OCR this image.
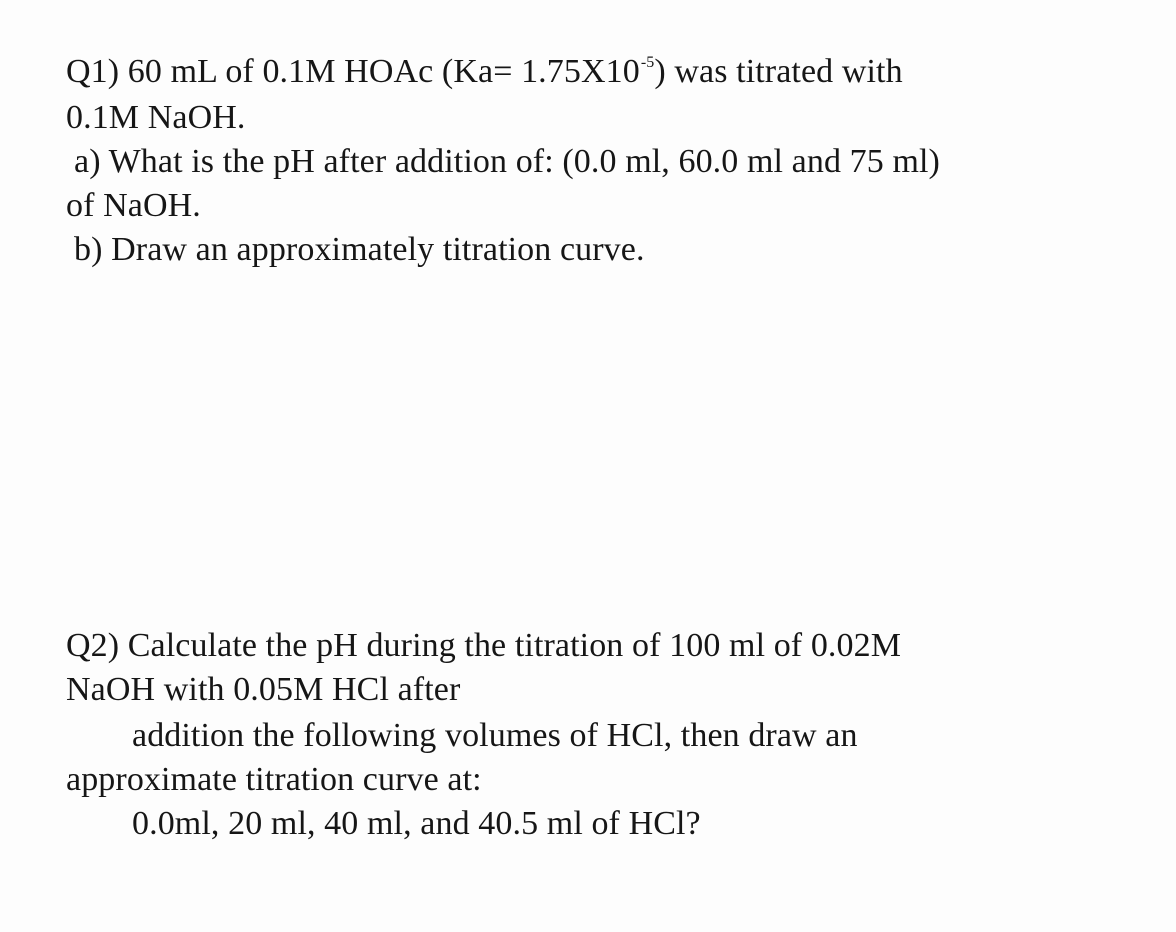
Q1) 60 mL of 0.1M HOAc $(Ka= 1.75X10^{-5})$ was titrated with
0.1M NaOH.
a) What is the pH after addition of: (0.0 ml, 60.0 ml and 75 ml)
of NaOH.
b) Draw an approximately titration curve.
Q2) Calculate the pH during the titration of 100 ml of 0.02M
NaOH with 0.05M HCl after
addition the following volumes of HCl, then draw an
approximate titration curve at:
0.0ml, 20 ml, 40 ml, and 40.5 ml of HCl?
